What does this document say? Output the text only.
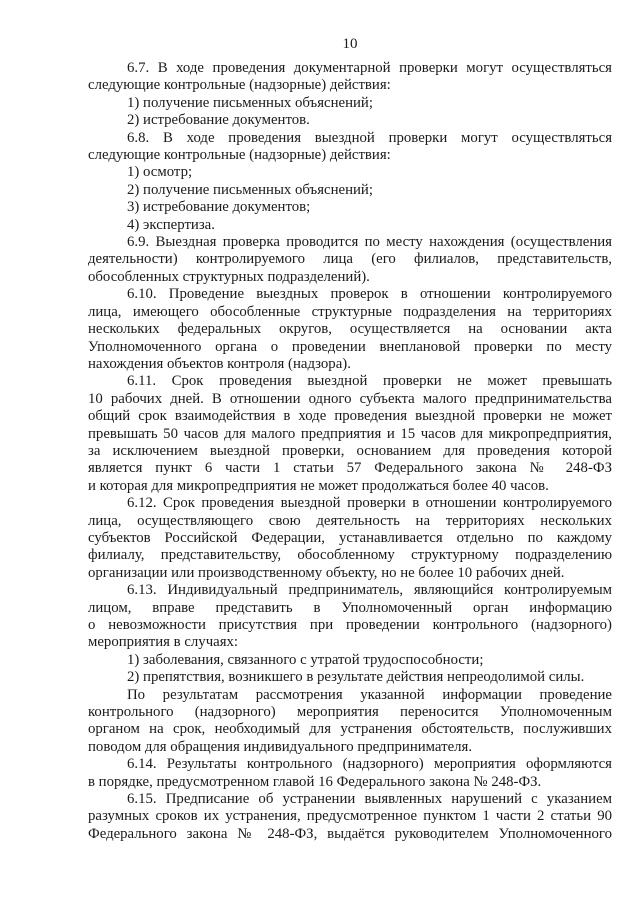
10
6.7. В ходе проведения документарной проверки могут осуществляться
следующие контрольные (надзорные) действия:
1) получение письменных объяснений;
2) истребование документов.
6.8. В ходе проведения выездной проверки могут осуществляться
следующие контрольные (надзорные) действия:
1) осмотр;
2) получение письменных объяснений;
3) истребование документов;
4) экспертиза.
6.9. Выездная проверка проводится по месту нахождения (осуществления
деятельности) контролируемого лица (его филиалов, представительств,
обособленных структурных подразделений).
6.10. Проведение выездных проверок в отношении контролируемого
лица, имеющего обособленные структурные подразделения на территориях
нескольких федеральных округов, осуществляется на основании акта
Уполномоченного органа о проведении внеплановой проверки по месту
нахождения объектов контроля (надзора).
6.11. Срок проведения выездной проверки не может превышать
10 рабочих дней. В отношении одного субъекта малого предпринимательства
общий срок взаимодействия в ходе проведения выездной проверки не может
превышать 50 часов для малого предприятия и 15 часов для микропредприятия,
за исключением выездной проверки, основанием для проведения которой
является пункт 6 части 1 статьи 57 Федерального закона № 248-ФЗ
и которая для микропредприятия не может продолжаться более 40 часов.
6.12. Срок проведения выездной проверки в отношении контролируемого
лица, осуществляющего свою деятельность на территориях нескольких
субъектов Российской Федерации, устанавливается отдельно по каждому
филиалу, представительству, обособленному структурному подразделению
организации или производственному объекту, но не более 10 рабочих дней.
6.13. Индивидуальный предприниматель, являющийся контролируемым
лицом, вправе представить в Уполномоченный орган информацию
о невозможности присутствия при проведении контрольного (надзорного)
мероприятия в случаях:
1) заболевания, связанного с утратой трудоспособности;
2) препятствия, возникшего в результате действия непреодолимой силы.
По результатам рассмотрения указанной информации проведение
контрольного (надзорного) мероприятия переносится Уполномоченным
органом на срок, необходимый для устранения обстоятельств, послуживших
поводом для обращения индивидуального предпринимателя.
6.14. Результаты контрольного (надзорного) мероприятия оформляются
в порядке, предусмотренном главой 16 Федерального закона № 248-ФЗ.
6.15. Предписание об устранении выявленных нарушений с указанием
разумных сроков их устранения, предусмотренное пунктом 1 части 2 статьи 90
Федерального закона № 248-ФЗ, выдаётся руководителем Уполномоченного
